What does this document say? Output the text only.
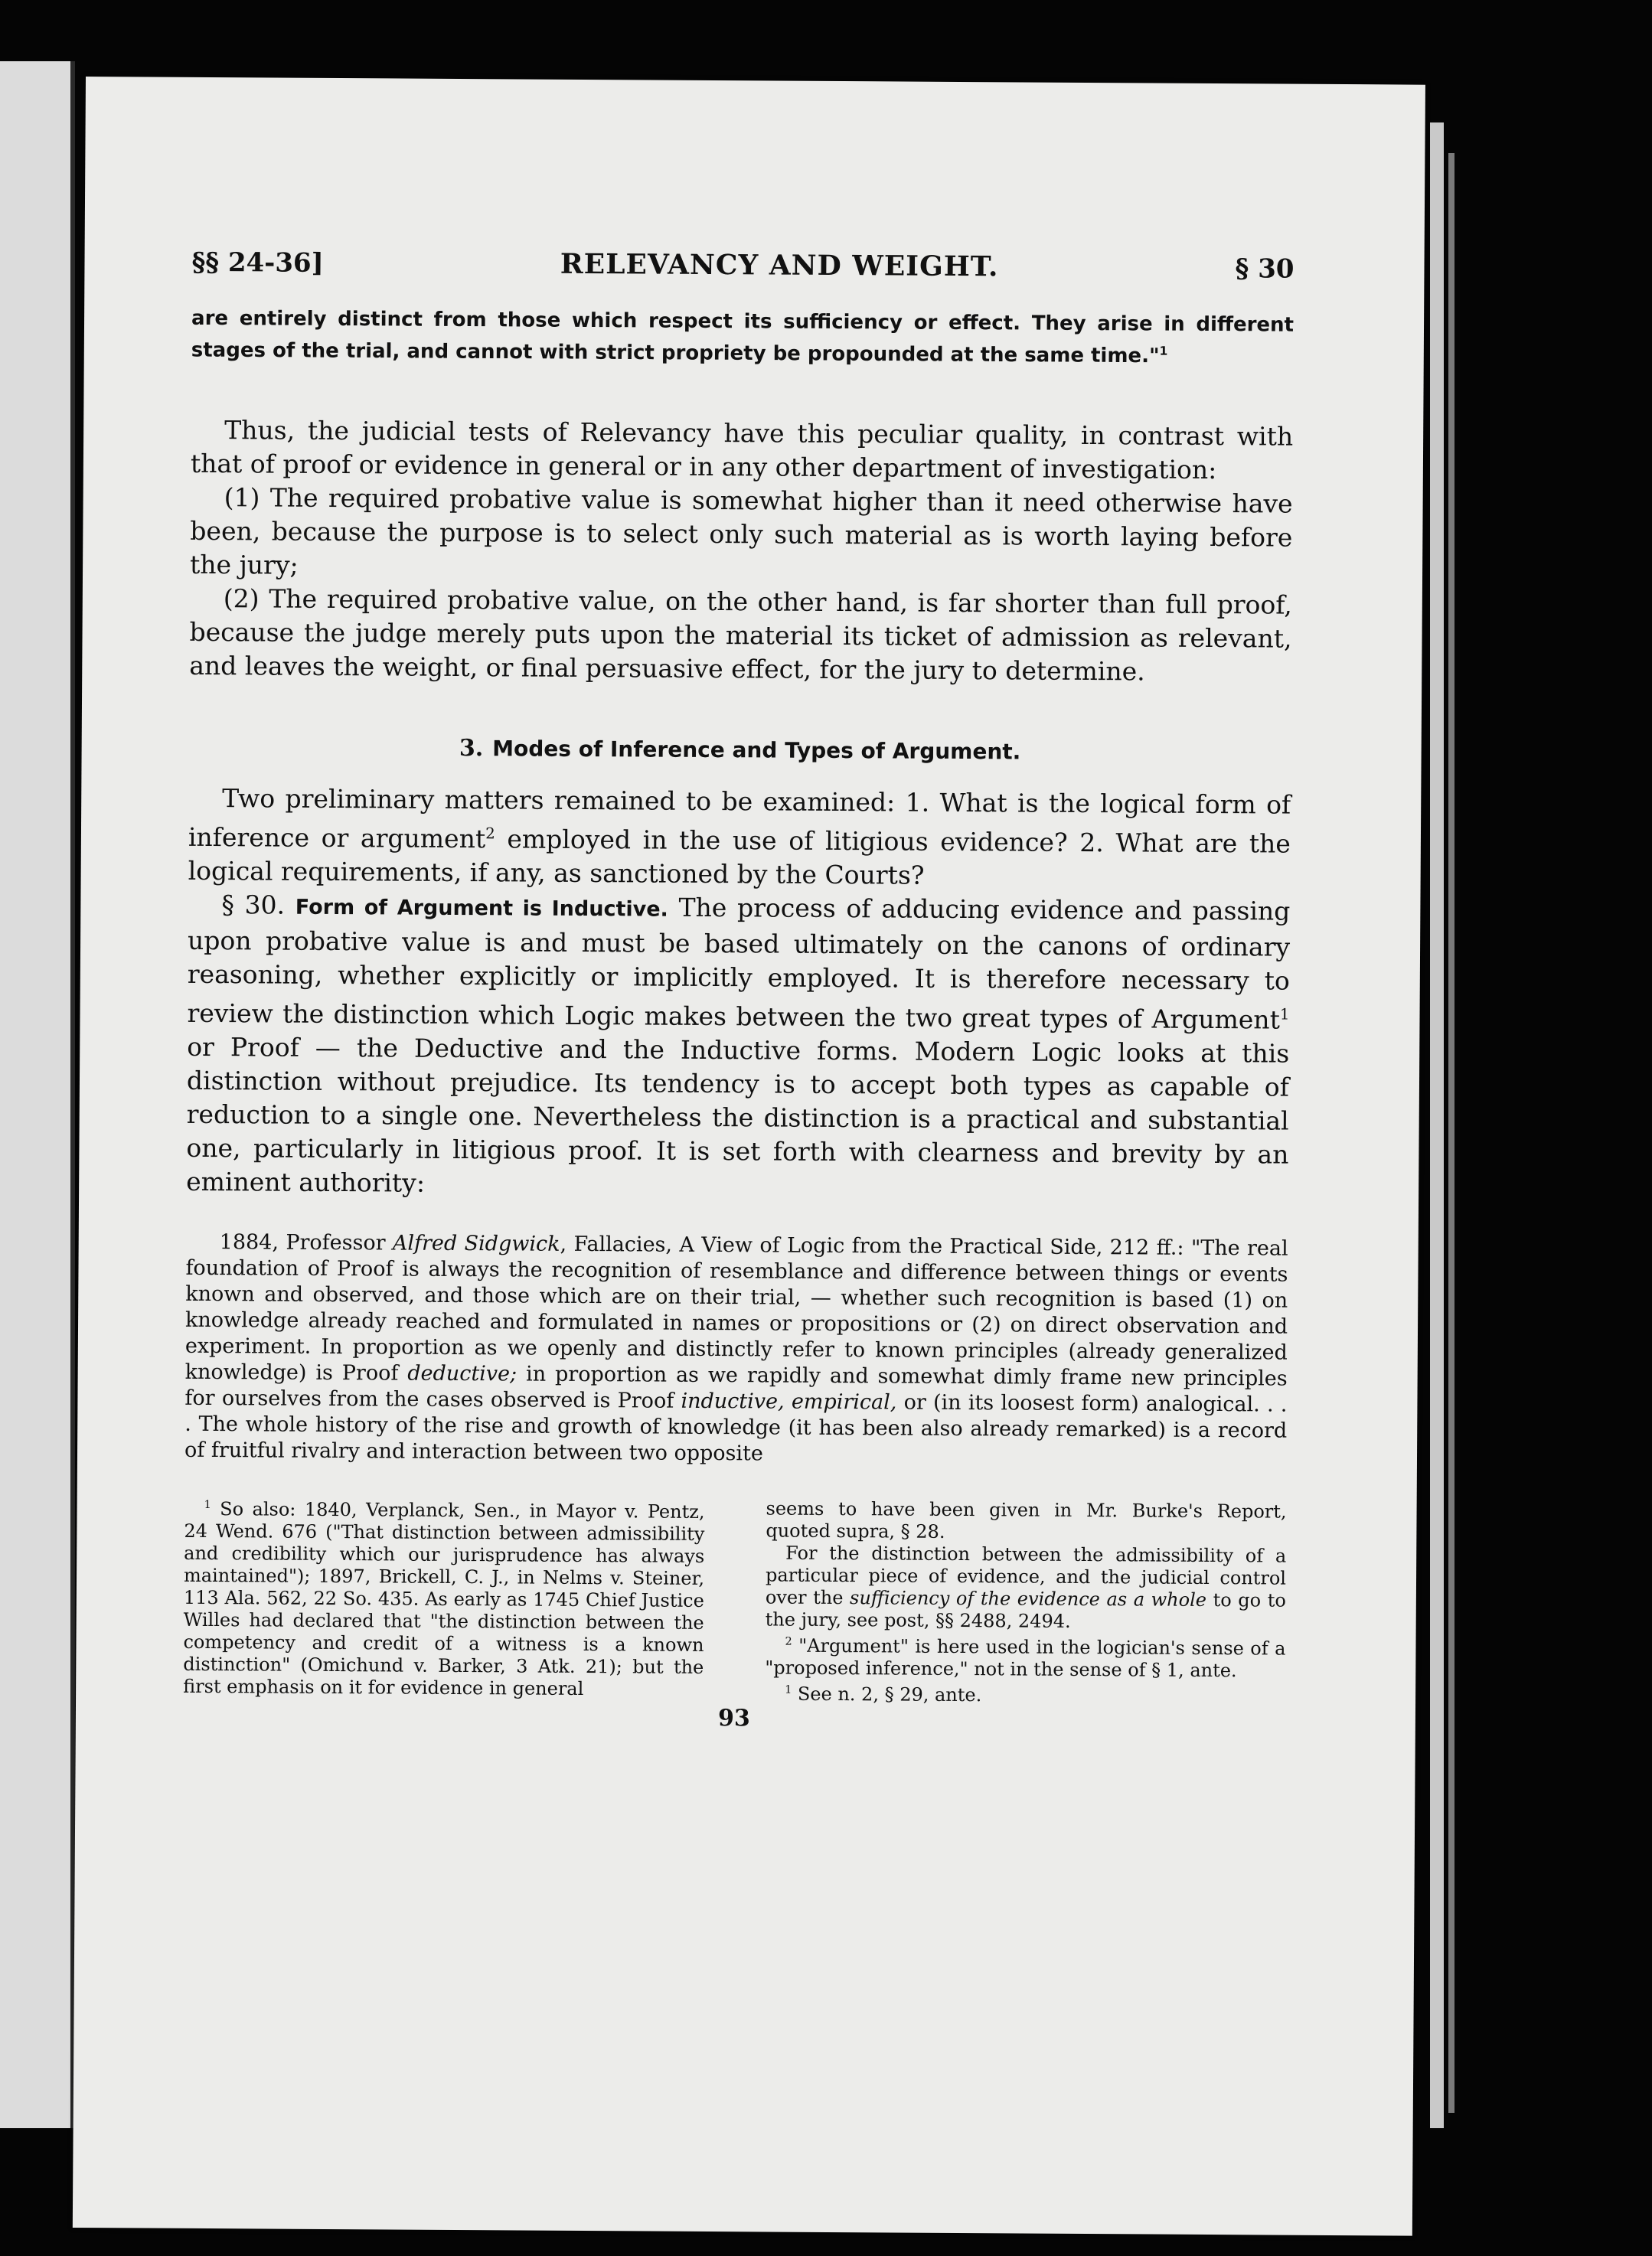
§§ 24-36]	RELEVANCY AND WEIGHT.	§ 30

are entirely distinct from those which respect its sufficiency or effect. They arise in different stages of the trial, and cannot with strict propriety be propounded at the same time."$^1$

Thus, the judicial tests of Relevancy have this peculiar quality, in contrast with that of proof or evidence in general or in any other department of investigation:

(1) The required probative value is somewhat higher than it need otherwise have been, because the purpose is to select only such material as is worth laying before the jury;

(2) The required probative value, on the other hand, is far shorter than full proof, because the judge merely puts upon the material its ticket of admission as relevant, and leaves the weight, or final persuasive effect, for the jury to determine.

3. Modes of Inference and Types of Argument.

Two preliminary matters remained to be examined: 1. What is the logical form of inference or argument$^2$ employed in the use of litigious evidence? 2. What are the logical requirements, if any, as sanctioned by the Courts?

§ 30. Form of Argument is Inductive. The process of adducing evidence and passing upon probative value is and must be based ultimately on the canons of ordinary reasoning, whether explicitly or implicitly employed. It is therefore necessary to review the distinction which Logic makes between the two great types of Argument$^1$ or Proof — the Deductive and the Inductive forms. Modern Logic looks at this distinction without prejudice. Its tendency is to accept both types as capable of reduction to a single one. Nevertheless the distinction is a practical and substantial one, particularly in litigious proof. It is set forth with clearness and brevity by an eminent authority:

1884, Professor Alfred Sidgwick, Fallacies, A View of Logic from the Practical Side, 212 ff.: "The real foundation of Proof is always the recognition of resemblance and difference between things or events known and observed, and those which are on their trial, — whether such recognition is based (1) on knowledge already reached and formulated in names or propositions or (2) on direct observation and experiment. In proportion as we openly and distinctly refer to known principles (already generalized knowledge) is Proof deductive; in proportion as we rapidly and somewhat dimly frame new principles for ourselves from the cases observed is Proof inductive, empirical, or (in its loosest form) analogical. . . . The whole history of the rise and growth of knowledge (it has been also already remarked) is a record of fruitful rivalry and interaction between two opposite

$^1$ So also: 1840, Verplanck, Sen., in Mayor v. Pentz, 24 Wend. 676 ("That distinction between admissibility and credibility which our jurisprudence has always maintained"); 1897, Brickell, C. J., in Nelms v. Steiner, 113 Ala. 562, 22 So. 435. As early as 1745 Chief Justice Willes had declared that "the distinction between the competency and credit of a witness is a known distinction" (Omichund v. Barker, 3 Atk. 21); but the first emphasis on it for evidence in general

seems to have been given in Mr. Burke's Report, quoted supra, § 28.

For the distinction between the admissibility of a particular piece of evidence, and the judicial control over the sufficiency of the evidence as a whole to go to the jury, see post, §§ 2488, 2494.

$^2$ "Argument" is here used in the logician's sense of a "proposed inference," not in the sense of § 1, ante.

$^1$ See n. 2, § 29, ante.

93
